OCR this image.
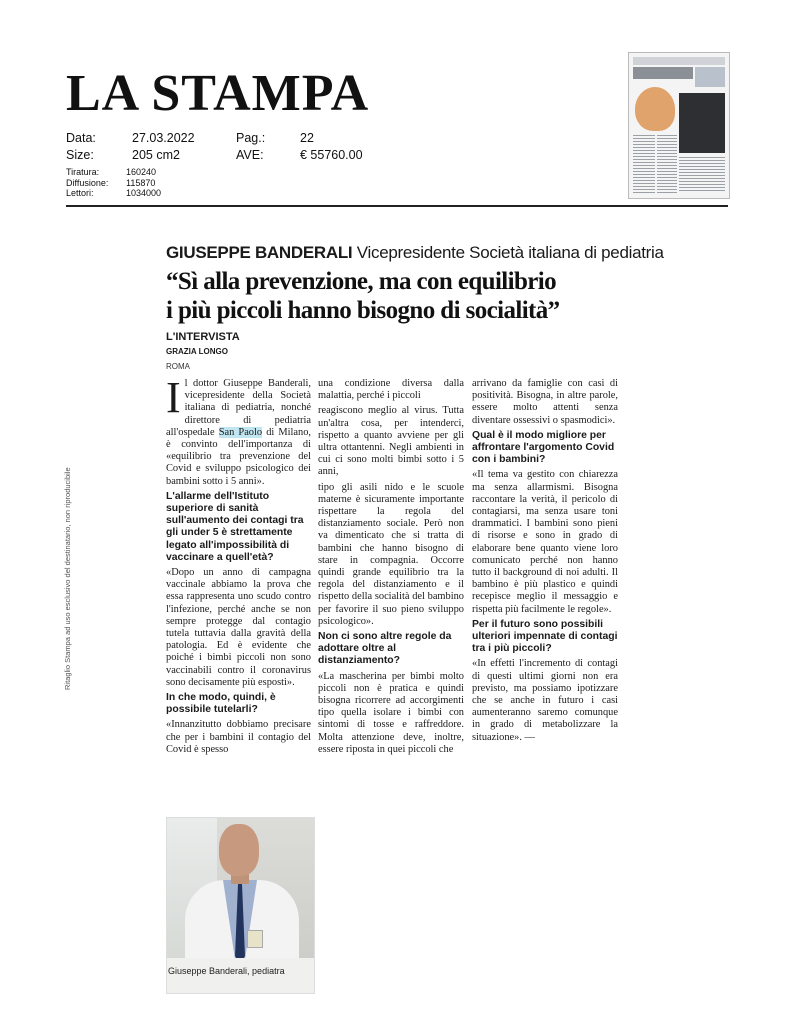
LA STAMPA
Data:	27.03.2022	Pag.:	22
Size:	205 cm2	AVE:	€ 55760.00
Tiratura:	160240
Diffusione: 115870
Lettori:	1034000
Ritaglio Stampa ad uso esclusivo del destinatario, non riproducibile
GIUSEPPE BANDERALI Vicepresidente Società italiana di pediatria
“Sì alla prevenzione, ma con equilibrio
i più piccoli hanno bisogno di socialità”
L'INTERVISTA
GRAZIA LONGO
ROMA

Il dottor Giuseppe Banderali, vicepresidente della Società italiana di pediatria, nonché direttore di pediatria all'ospedale San Paolo di Milano, è convinto dell'importanza di «equilibrio tra prevenzione del Covid e sviluppo psicologico dei bambini sotto i 5 anni».

L'allarme dell'Istituto superiore di sanità sull'aumento dei contagi tra gli under 5 è strettamente legato all'impossibilità di vaccinare a quell'età?

«Dopo un anno di campagna vaccinale abbiamo la prova che essa rappresenta uno scudo contro l'infezione, perché anche se non sempre protegge dal contagio tutela tuttavia dalla gravità della patologia. Ed è evidente che poiché i bimbi piccoli non sono vaccinabili contro il coronavirus sono decisamente più esposti».

In che modo, quindi, è possibile tutelarli?

«Innanzitutto dobbiamo precisare che per i bambini il contagio del Covid è spesso

una condizione diversa dalla malattia, perché i piccoli

reagiscono meglio al virus. Tutta un'altra cosa, per intenderci, rispetto a quanto avviene per gli ultra ottantenni. Negli ambienti in cui ci sono molti bimbi sotto i 5 anni,

tipo gli asili nido e le scuole materne è sicuramente importante rispettare la regola del distanziamento sociale. Però non va dimenticato che si tratta di bambini che hanno bisogno di stare in compagnia. Occorre quindi grande equilibrio tra la regola del distanziamento e il rispetto della socialità del bambino per favorire il suo pieno sviluppo psicologico».

Non ci sono altre regole da adottare oltre al distanziamento?

«La mascherina per bimbi molto piccoli non è pratica e quindi bisogna ricorrere ad accorgimenti tipo quella isolare i bimbi con sintomi di tosse e raffreddore. Molta attenzione deve, inoltre, essere riposta in quei piccoli che

arrivano da famiglie con casi di positività. Bisogna, in altre parole, essere molto attenti senza diventare ossessivi o spasmodici».

Qual è il modo migliore per affrontare l'argomento Covid con i bambini?

«Il tema va gestito con chiarezza ma senza allarmismi. Bisogna raccontare la verità, il pericolo di contagiarsi, ma senza usare toni drammatici. I bambini sono pieni di risorse e sono in grado di elaborare bene quanto viene loro comunicato perché non hanno tutto il background di noi adulti. Il bambino è più plastico e quindi recepisce meglio il messaggio e rispetta più facilmente le regole».

Per il futuro sono possibili ulteriori impennate di contagi tra i più piccoli?

«In effetti l'incremento di contagi di questi ultimi giorni non era previsto, ma possiamo ipotizzare che se anche in futuro i casi aumenteranno saremo comunque in grado di metabolizzare la situazione». —

Giuseppe Banderali, pediatra
